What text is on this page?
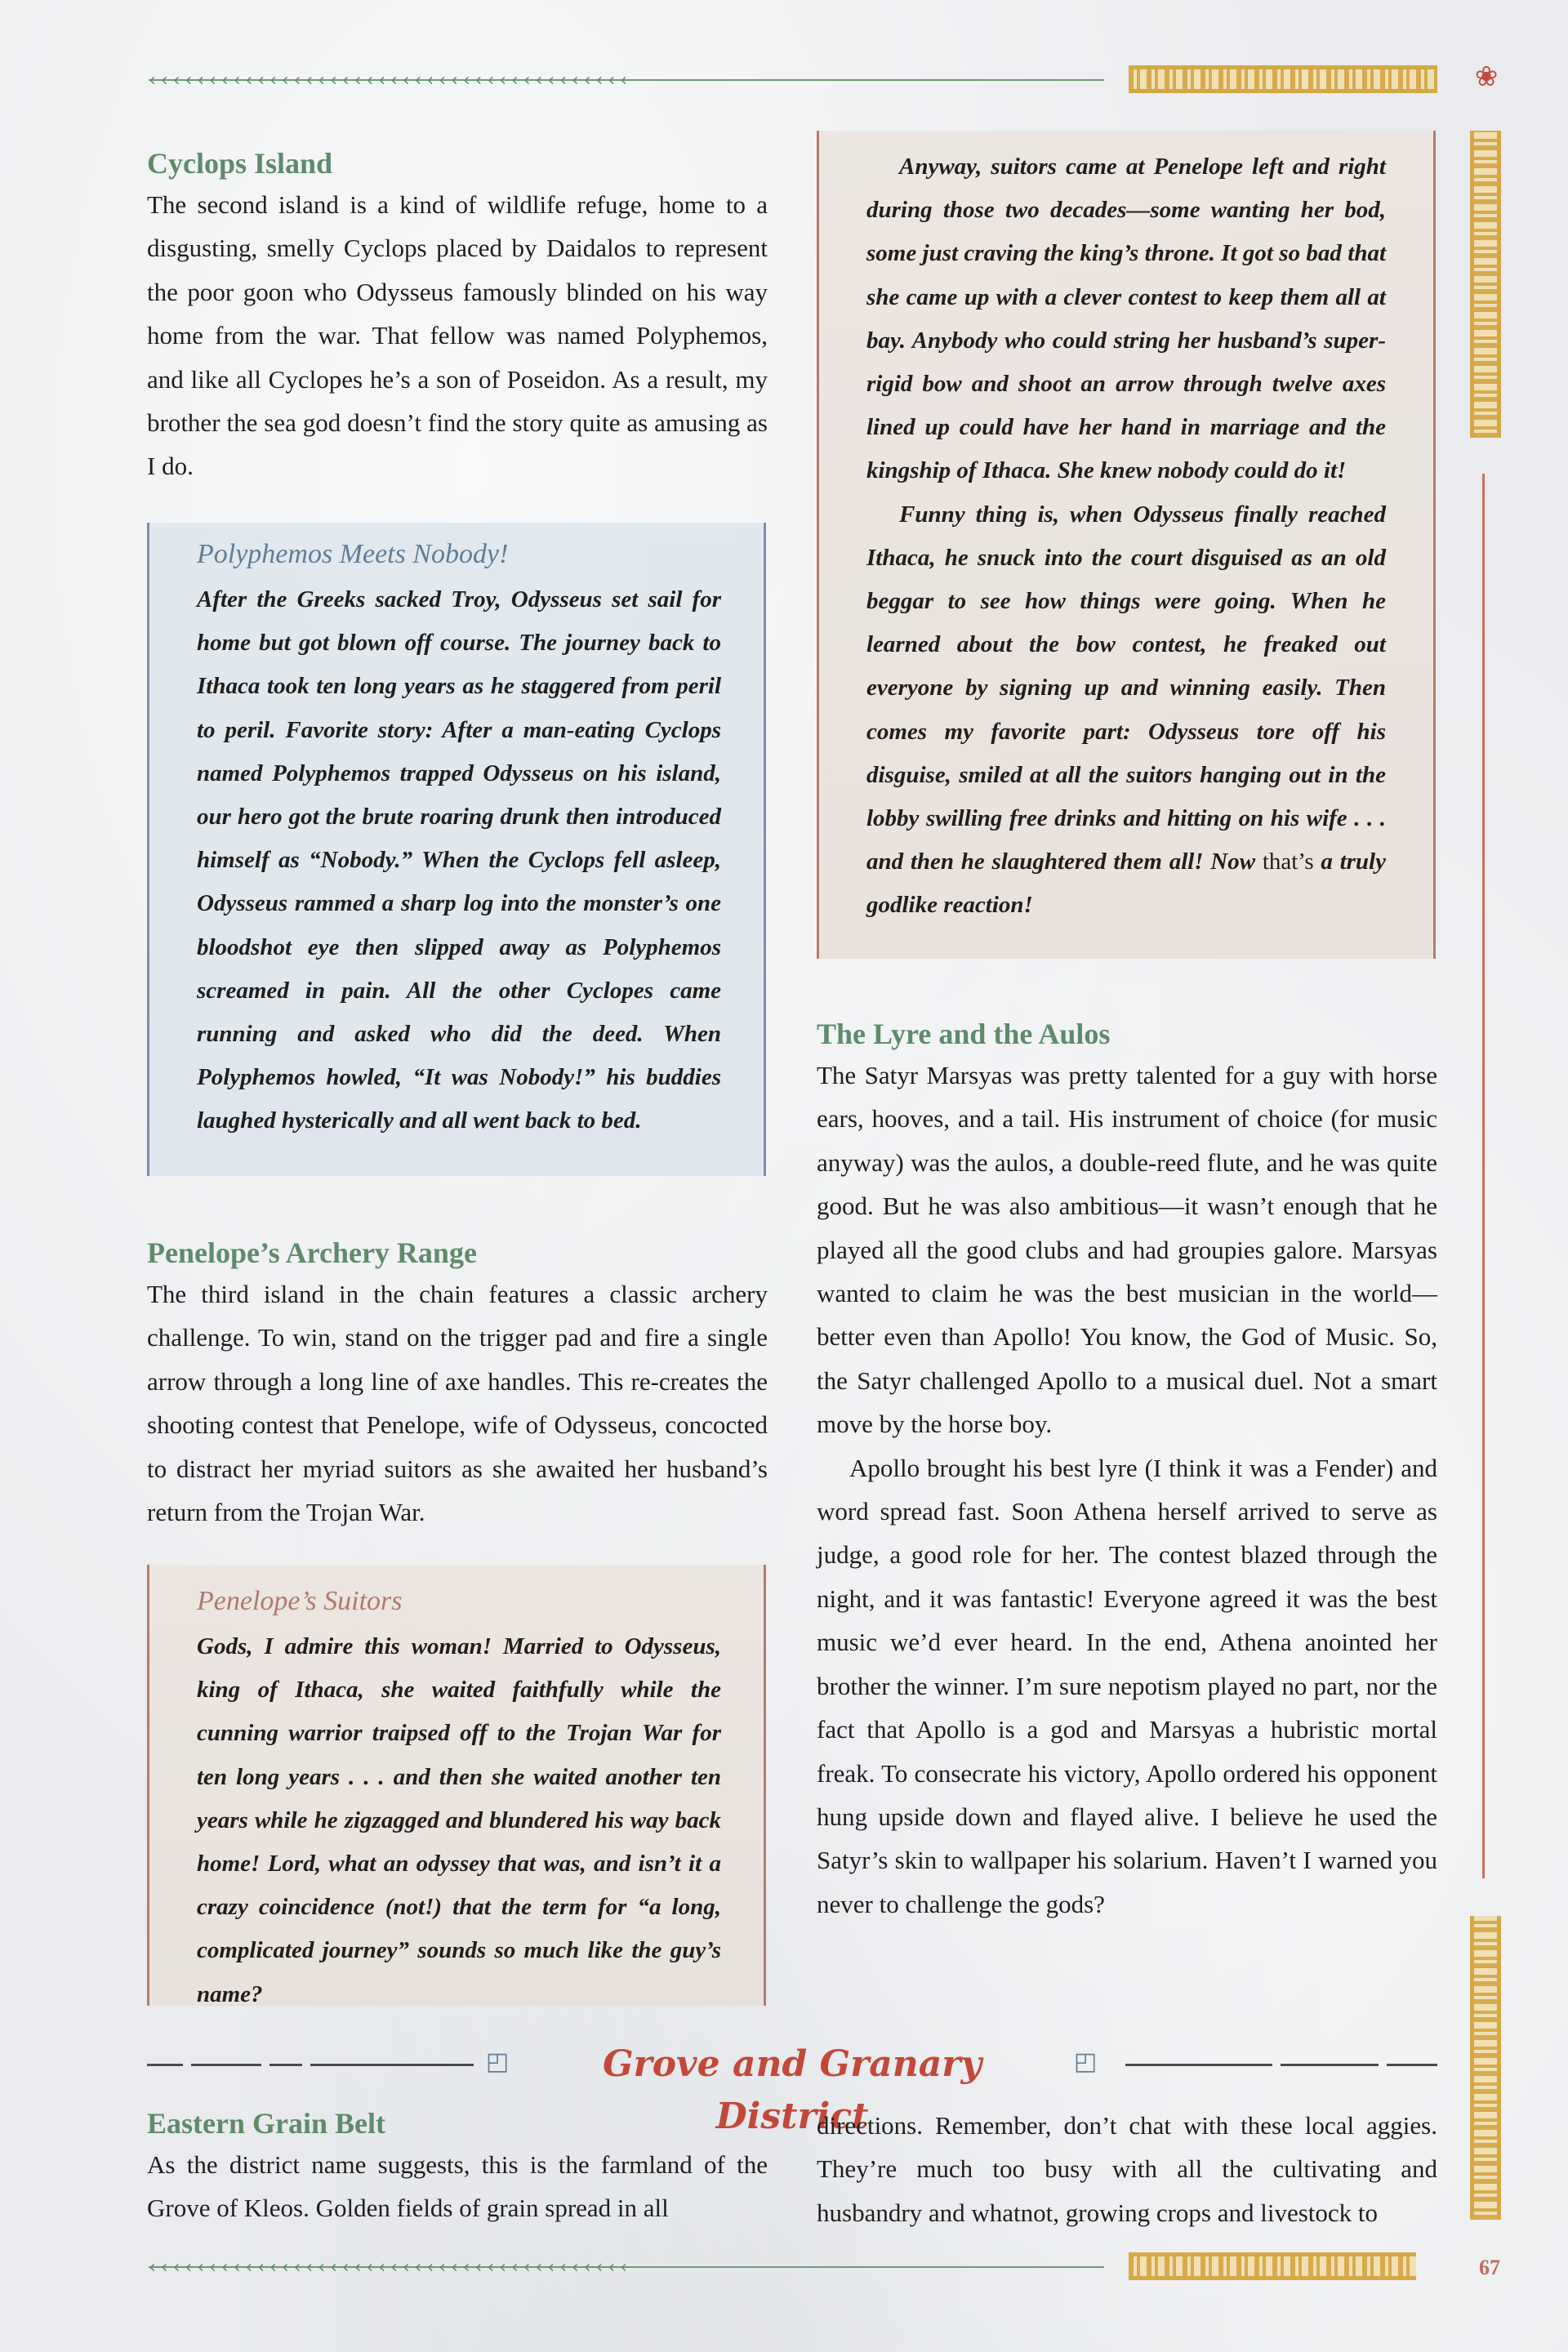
‹‹‹‹‹‹‹‹‹‹‹‹‹‹‹‹‹‹‹‹‹‹‹‹‹‹‹‹‹‹‹‹‹‹‹‹‹‹‹‹	❀
Cyclops Island

The second island is a kind of wildlife refuge, home to a disgusting, smelly Cyclops placed by Daidalos to represent the poor goon who Odysseus famously blinded on his way home from the war. That fellow was named Polyphemos, and like all Cyclopes he’s a son of Poseidon. As a result, my brother the sea god doesn’t find the story quite as amusing as I do.

Polyphemos Meets Nobody!

After the Greeks sacked Troy, Odysseus set sail for home but got blown off course. The journey back to Ithaca took ten long years as he staggered from peril to peril. Favorite story: After a man-eating Cyclops named Polyphemos trapped Odysseus on his island, our hero got the brute roaring drunk then introduced himself as “Nobody.” When the Cyclops fell asleep, Odysseus rammed a sharp log into the monster’s one bloodshot eye then slipped away as Polyphemos screamed in pain. All the other Cyclopes came running and asked who did the deed. When Polyphemos howled, “It was Nobody!” his buddies laughed hysterically and all went back to bed.

Penelope’s Archery Range

The third island in the chain features a classic archery challenge. To win, stand on the trigger pad and fire a single arrow through a long line of axe handles. This re-creates the shooting contest that Penelope, wife of Odysseus, concocted to distract her myriad suitors as she awaited her husband’s return from the Trojan War.

Penelope’s Suitors

Gods, I admire this woman! Married to Odysseus, king of Ithaca, she waited faithfully while the cunning warrior traipsed off to the Trojan War for ten long years . . . and then she waited another ten years while he zigzagged and blundered his way back home! Lord, what an odyssey that was, and isn’t it a crazy coincidence (not!) that the term for “a long, complicated journey” sounds so much like the guy’s name?

Anyway, suitors came at Penelope left and right during those two decades—some wanting her bod, some just craving the king’s throne. It got so bad that she came up with a clever contest to keep them all at bay. Anybody who could string her husband’s super-rigid bow and shoot an arrow through twelve axes lined up could have her hand in marriage and the kingship of Ithaca. She knew nobody could do it!

Funny thing is, when Odysseus finally reached Ithaca, he snuck into the court disguised as an old beggar to see how things were going. When he learned about the bow contest, he freaked out everyone by signing up and winning easily. Then comes my favorite part: Odysseus tore off his disguise, smiled at all the suitors hanging out in the lobby swilling free drinks and hitting on his wife . . . and then he slaughtered them all! Now that’s a truly godlike reaction!

The Lyre and the Aulos

The Satyr Marsyas was pretty talented for a guy with horse ears, hooves, and a tail. His instrument of choice (for music anyway) was the aulos, a double-reed flute, and he was quite good. But he was also ambitious—it wasn’t enough that he played all the good clubs and had groupies galore. Marsyas wanted to claim he was the best musician in the world—better even than Apollo! You know, the God of Music. So, the Satyr challenged Apollo to a musical duel. Not a smart move by the horse boy.

Apollo brought his best lyre (I think it was a Fender) and word spread fast. Soon Athena herself arrived to serve as judge, a good role for her. The contest blazed through the night, and it was fantastic! Everyone agreed it was the best music we’d ever heard. In the end, Athena anointed her brother the winner. I’m sure nepotism played no part, nor the fact that Apollo is a god and Marsyas a hubristic mortal freak. To consecrate his victory, Apollo ordered his opponent hung upside down and flayed alive. I believe he used the Satyr’s skin to wallpaper his solarium. Haven’t I warned you never to challenge the gods?

◰	Grove and Granary District
◰
Eastern Grain Belt

As the district name suggests, this is the farmland of the Grove of Kleos. Golden fields of grain spread in all

directions. Remember, don’t chat with these local aggies. They’re much too busy with all the cultivating and husbandry and whatnot, growing crops and livestock to

‹‹‹‹‹‹‹‹‹‹‹‹‹‹‹‹‹‹‹‹‹‹‹‹‹‹‹‹‹‹‹‹‹‹‹‹‹‹‹‹	67
